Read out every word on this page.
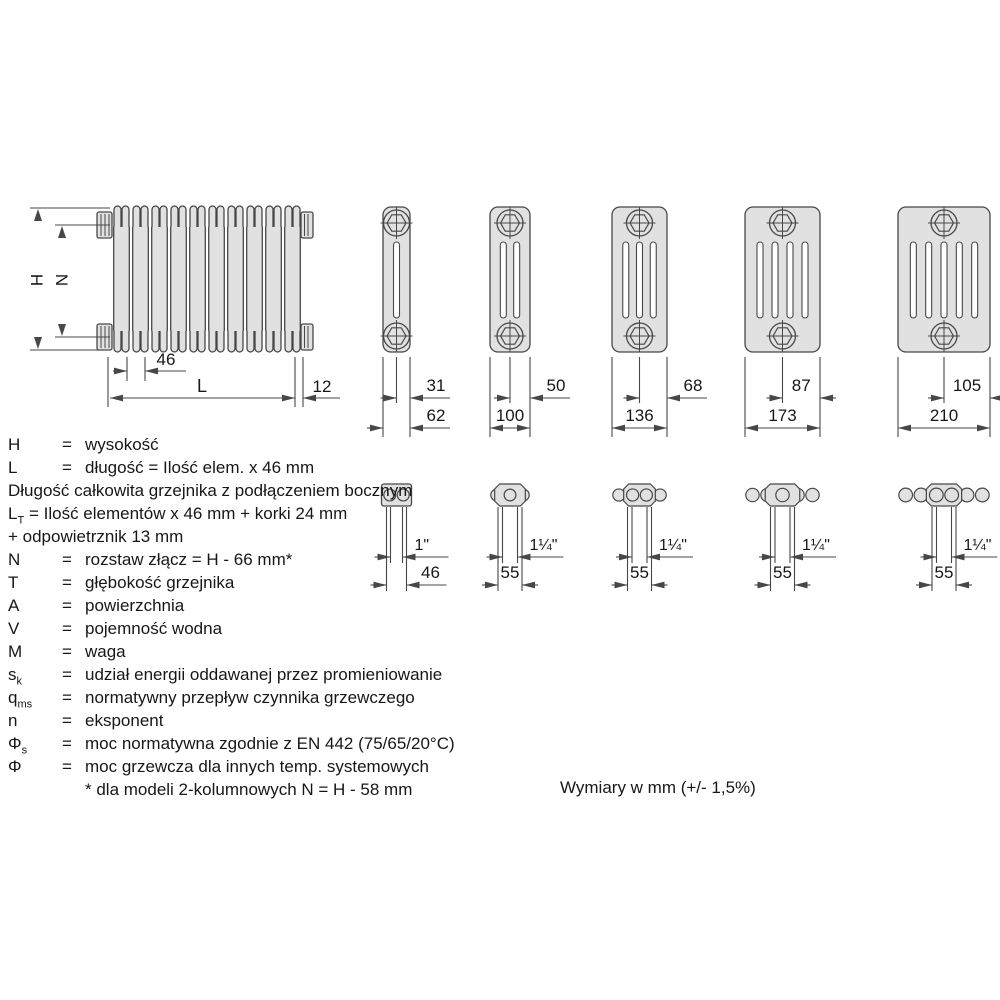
H N
46
L	12	31
62
1"
46
50
100
1¼"
55
68
136
1¼"
55
87
173
1¼"
55
105
210
1¼"
55
H = wysokość
L	= długość = Ilość elem. x 46 mm
Długość całkowita grzejnika z podłączeniem bocznym
$L_T$ = Ilość elementów x 46 mm + korki 24 mm
+ odpowietrznik 13 mm
N = rozstaw złącz = H - 66 mm*
T	= głębokość grzejnika
A	= powierzchnia
V	= pojemność wodna
M = waga
$s_k$ = udział energii oddawanej przez promieniowanie
$q_{ms}$ = normatywny przepływ czynnika grzewczego
n	= eksponent
$\Phi_s$ = moc normatywna zgodnie z EN 442 (75/65/20°C)
Φ = moc grzewcza dla innych temp. systemowych
* dla modeli 2-kolumnowych N = H - 58 mm	Wymiary w mm (+/- 1,5%)
